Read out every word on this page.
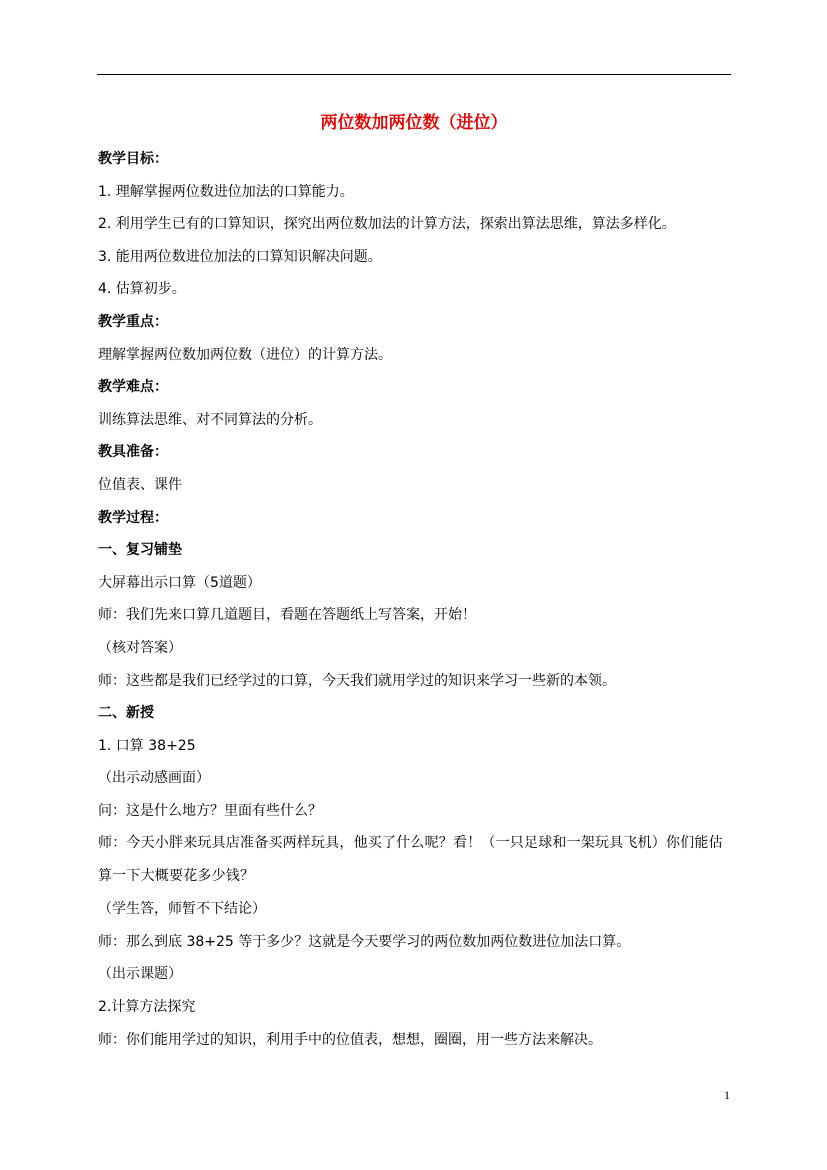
两位数加两位数（进位）
教学目标：
1. 理解掌握两位数进位加法的口算能力。
2. 利用学生已有的口算知识，探究出两位数加法的计算方法，探索出算法思维，算法多样化。
3. 能用两位数进位加法的口算知识解决问题。
4. 估算初步。
教学重点：
理解掌握两位数加两位数（进位）的计算方法。
教学难点：
训练算法思维、对不同算法的分析。
教具准备：
位值表、课件
教学过程：
一、复习铺垫
大屏幕出示口算（5道题）
师：我们先来口算几道题目，看题在答题纸上写答案，开始！
（核对答案）
师：这些都是我们已经学过的口算，今天我们就用学过的知识来学习一些新的本领。
二、新授
1. 口算 38+25
（出示动感画面）
问：这是什么地方？里面有些什么？
师：今天小胖来玩具店准备买两样玩具，他买了什么呢？看！（一只足球和一架玩具飞机）你们能估算一下大概要花多少钱？
（学生答，师暂不下结论）
师：那么到底 38+25 等于多少？这就是今天要学习的两位数加两位数进位加法口算。
（出示课题）
2.计算方法探究
师：你们能用学过的知识，利用手中的位值表，想想，圈圈，用一些方法来解决。
1
